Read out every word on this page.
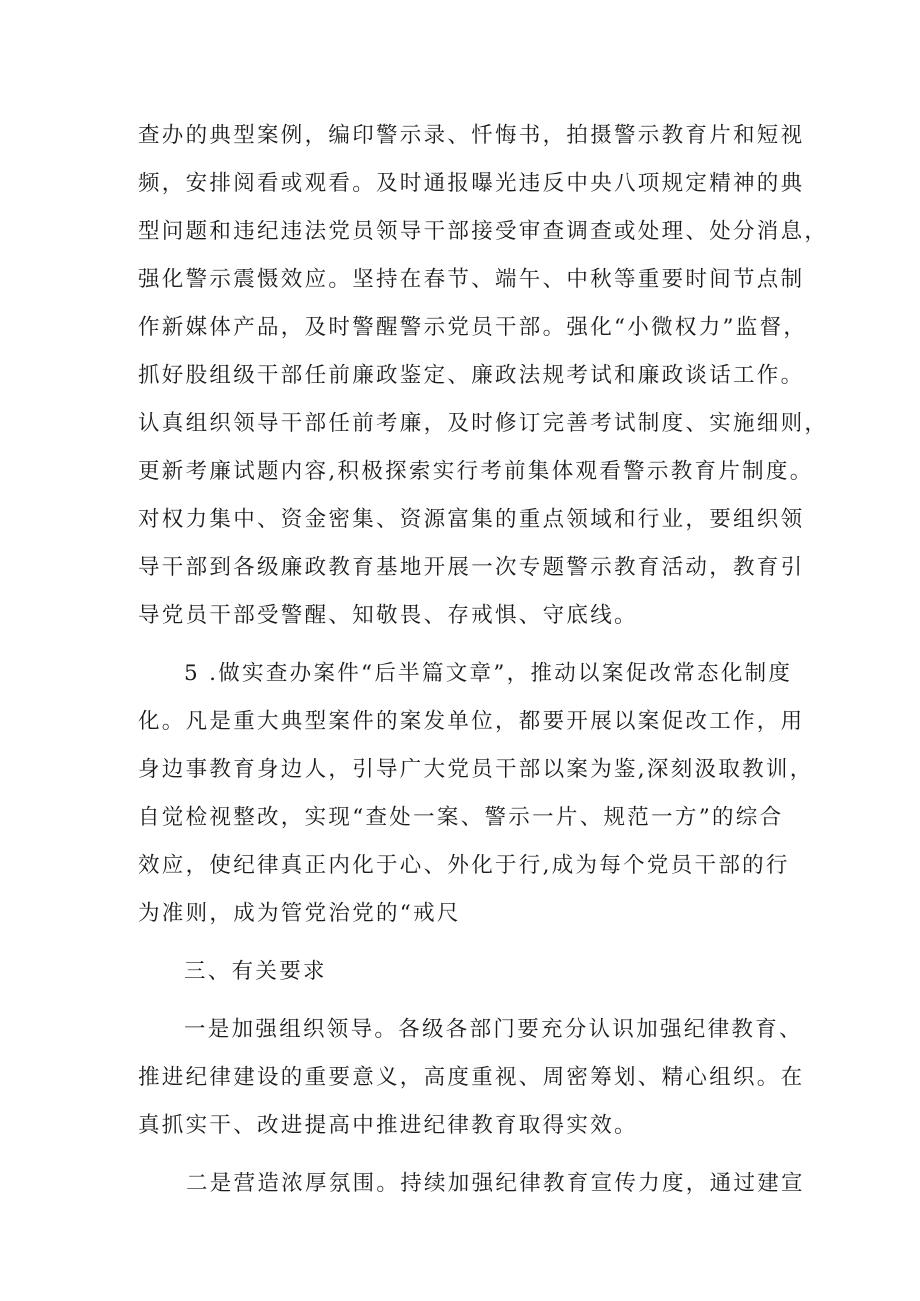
查办的典型案例，编印警示录、忏悔书，拍摄警示教育片和短视
频，安排阅看或观看。及时通报曝光违反中央八项规定精神的典
型问题和违纪违法党员领导干部接受审查调查或处理、处分消息，
强化警示震慑效应。坚持在春节、端午、中秋等重要时间节点制
作新媒体产品，及时警醒警示党员干部。强化“小微权力”监督，
抓好股组级干部任前廉政鉴定、廉政法规考试和廉政谈话工作。
认真组织领导干部任前考廉，及时修订完善考试制度、实施细则，
更新考廉试题内容,积极探索实行考前集体观看警示教育片制度。
对权力集中、资金密集、资源富集的重点领域和行业，要组织领
导干部到各级廉政教育基地开展一次专题警示教育活动，教育引
导党员干部受警醒、知敬畏、存戒惧、守底线。
5 .做实查办案件“后半篇文章”，推动以案促改常态化制度
化。凡是重大典型案件的案发单位，都要开展以案促改工作，用
身边事教育身边人，引导广大党员干部以案为鉴,深刻汲取教训，
自觉检视整改，实现“查处一案、警示一片、规范一方”的综合
效应，使纪律真正内化于心、外化于行,成为每个党员干部的行
为准则，成为管党治党的“戒尺
三、有关要求
一是加强组织领导。各级各部门要充分认识加强纪律教育、
推进纪律建设的重要意义，高度重视、周密筹划、精心组织。在
真抓实干、改进提高中推进纪律教育取得实效。
二是营造浓厚氛围。持续加强纪律教育宣传力度，通过建宣
